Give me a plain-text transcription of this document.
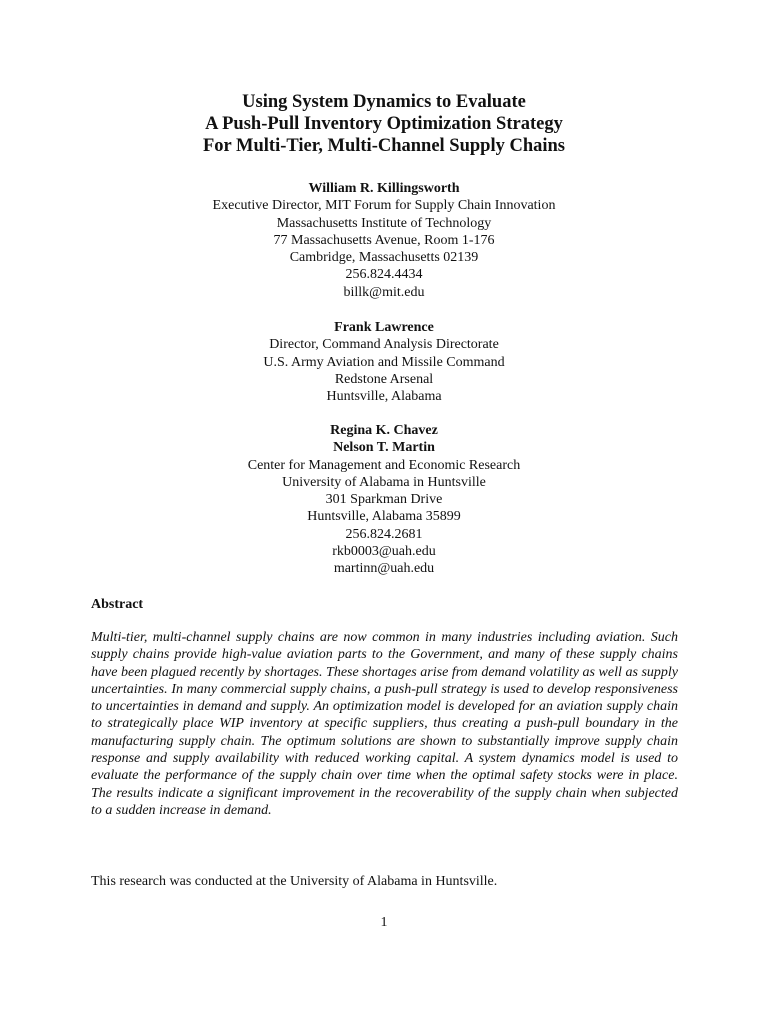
Using System Dynamics to Evaluate
A Push-Pull Inventory Optimization Strategy
For Multi-Tier, Multi-Channel Supply Chains
William R. Killingsworth
Executive Director, MIT Forum for Supply Chain Innovation
Massachusetts Institute of Technology
77 Massachusetts Avenue, Room 1-176
Cambridge, Massachusetts 02139
256.824.4434
billk@mit.edu
Frank Lawrence
Director, Command Analysis Directorate
U.S. Army Aviation and Missile Command
Redstone Arsenal
Huntsville, Alabama
Regina K. Chavez
Nelson T. Martin
Center for Management and Economic Research
University of Alabama in Huntsville
301 Sparkman Drive
Huntsville, Alabama 35899
256.824.2681
rkb0003@uah.edu
martinn@uah.edu
Abstract

Multi-tier, multi-channel supply chains are now common in many industries including aviation. Such supply chains provide high-value aviation parts to the Government, and many of these supply chains have been plagued recently by shortages. These shortages arise from demand volatility as well as supply uncertainties. In many commercial supply chains, a push-pull strategy is used to develop responsiveness to uncertainties in demand and supply. An optimization model is developed for an aviation supply chain to strategically place WIP inventory at specific suppliers, thus creating a push-pull boundary in the manufacturing supply chain. The optimum solutions are shown to substantially improve supply chain response and supply availability with reduced working capital. A system dynamics model is used to evaluate the performance of the supply chain over time when the optimal safety stocks were in place. The results indicate a significant improvement in the recoverability of the supply chain when subjected to a sudden increase in demand.

This research was conducted at the University of Alabama in Huntsville.
1
